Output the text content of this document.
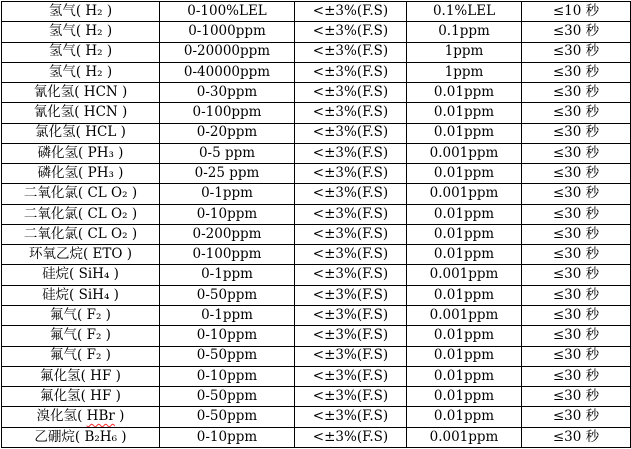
氢气( H₂ )	0-100%LEL	<±3%(F.S)	0.1%LEL	≤10 秒
氢气( H₂ )	0-1000ppm	<±3%(F.S)	0.1ppm	≤30 秒
氢气( H₂ )	0-20000ppm	<±3%(F.S)	1ppm	≤30 秒
氢气( H₂ )	0-40000ppm	<±3%(F.S)	1ppm	≤30 秒
氰化氢( HCN )	0-30ppm	<±3%(F.S)	0.01ppm	≤30 秒
氰化氢( HCN )	0-100ppm	<±3%(F.S)	0.01ppm	≤30 秒
氯化氢( HCL )	0-20ppm	<±3%(F.S)	0.01ppm	≤30 秒
磷化氢( PH₃ )	0-5 ppm	<±3%(F.S)	0.001ppm	≤30 秒
磷化氢( PH₃ )	0-25 ppm	<±3%(F.S)	0.01ppm	≤30 秒
二氧化氯( CL O₂ )	0-1ppm	<±3%(F.S)	0.001ppm	≤30 秒
二氧化氯( CL O₂ )	0-10ppm	<±3%(F.S)	0.01ppm	≤30 秒
二氧化氯( CL O₂ )	0-200ppm	<±3%(F.S)	0.01ppm	≤30 秒
环氧乙烷( ETO )	0-100ppm	<±3%(F.S)	0.01ppm	≤30 秒
硅烷( SiH₄ )	0-1ppm	<±3%(F.S)	0.001ppm	≤30 秒
硅烷( SiH₄ )	0-50ppm	<±3%(F.S)	0.01ppm	≤30 秒
氟气( F₂ )	0-1ppm	<±3%(F.S)	0.001ppm	≤30 秒
氟气( F₂ )	0-10ppm	<±3%(F.S)	0.01ppm	≤30 秒
氟气( F₂ )	0-50ppm	<±3%(F.S)	0.01ppm	≤30 秒
氟化氢( HF )	0-10ppm	<±3%(F.S)	0.01ppm	≤30 秒
氟化氢( HF )	0-50ppm	<±3%(F.S)	0.01ppm	≤30 秒
溴化氢( HBr )	0-50ppm	<±3%(F.S)	0.01ppm	≤30 秒
乙硼烷( B₂H₆ )	0-10ppm	<±3%(F.S)	0.001ppm	≤30 秒
